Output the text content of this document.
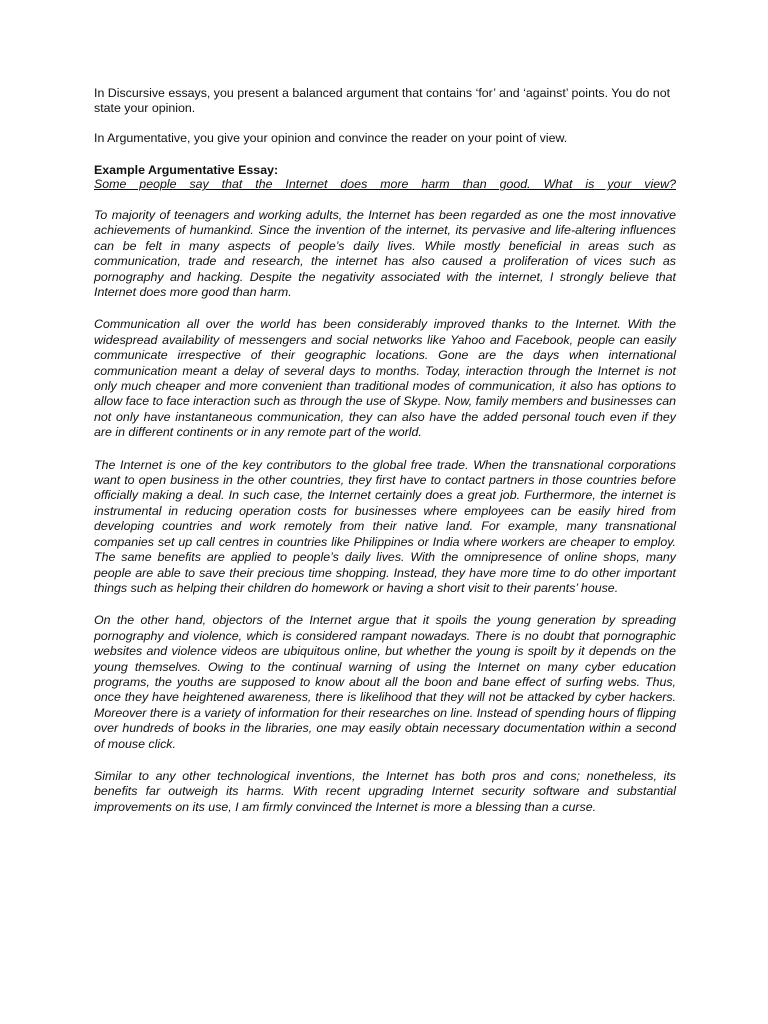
In Discursive essays, you present a balanced argument that contains ‘for’ and ‘against’ points. You do not state your opinion.

In Argumentative, you give your opinion and convince the reader on your point of view.

Example Argumentative Essay:
Some people say that the Internet does more harm than good. What is your view?

To majority of teenagers and working adults, the Internet has been regarded as one the most innovative achievements of humankind. Since the invention of the internet, its pervasive and life-altering influences can be felt in many aspects of people’s daily lives. While mostly beneficial in areas such as communication, trade and research, the internet has also caused a proliferation of vices such as pornography and hacking. Despite the negativity associated with the internet, I strongly believe that Internet does more good than harm.

Communication all over the world has been considerably improved thanks to the Internet. With the widespread availability of messengers and social networks like Yahoo and Facebook, people can easily communicate irrespective of their geographic locations. Gone are the days when international communication meant a delay of several days to months. Today, interaction through the Internet is not only much cheaper and more convenient than traditional modes of communication, it also has options to allow face to face interaction such as through the use of Skype. Now, family members and businesses can not only have instantaneous communication, they can also have the added personal touch even if they are in different continents or in any remote part of the world.

The Internet is one of the key contributors to the global free trade. When the transnational corporations want to open business in the other countries, they first have to contact partners in those countries before officially making a deal. In such case, the Internet certainly does a great job. Furthermore, the internet is instrumental in reducing operation costs for businesses where employees can be easily hired from developing countries and work remotely from their native land. For example, many transnational companies set up call centres in countries like Philippines or India where workers are cheaper to employ. The same benefits are applied to people’s daily lives. With the omnipresence of online shops, many people are able to save their precious time shopping. Instead, they have more time to do other important things such as helping their children do homework or having a short visit to their parents’ house.

On the other hand, objectors of the Internet argue that it spoils the young generation by spreading pornography and violence, which is considered rampant nowadays. There is no doubt that pornographic websites and violence videos are ubiquitous online, but whether the young is spoilt by it depends on the young themselves. Owing to the continual warning of using the Internet on many cyber education programs, the youths are supposed to know about all the boon and bane effect of surfing webs. Thus, once they have heightened awareness, there is likelihood that they will not be attacked by cyber hackers. Moreover there is a variety of information for their researches on line. Instead of spending hours of flipping over hundreds of books in the libraries, one may easily obtain necessary documentation within a second of mouse click.

Similar to any other technological inventions, the Internet has both pros and cons; nonetheless, its benefits far outweigh its harms. With recent upgrading Internet security software and substantial improvements on its use, I am firmly convinced the Internet is more a blessing than a curse.
